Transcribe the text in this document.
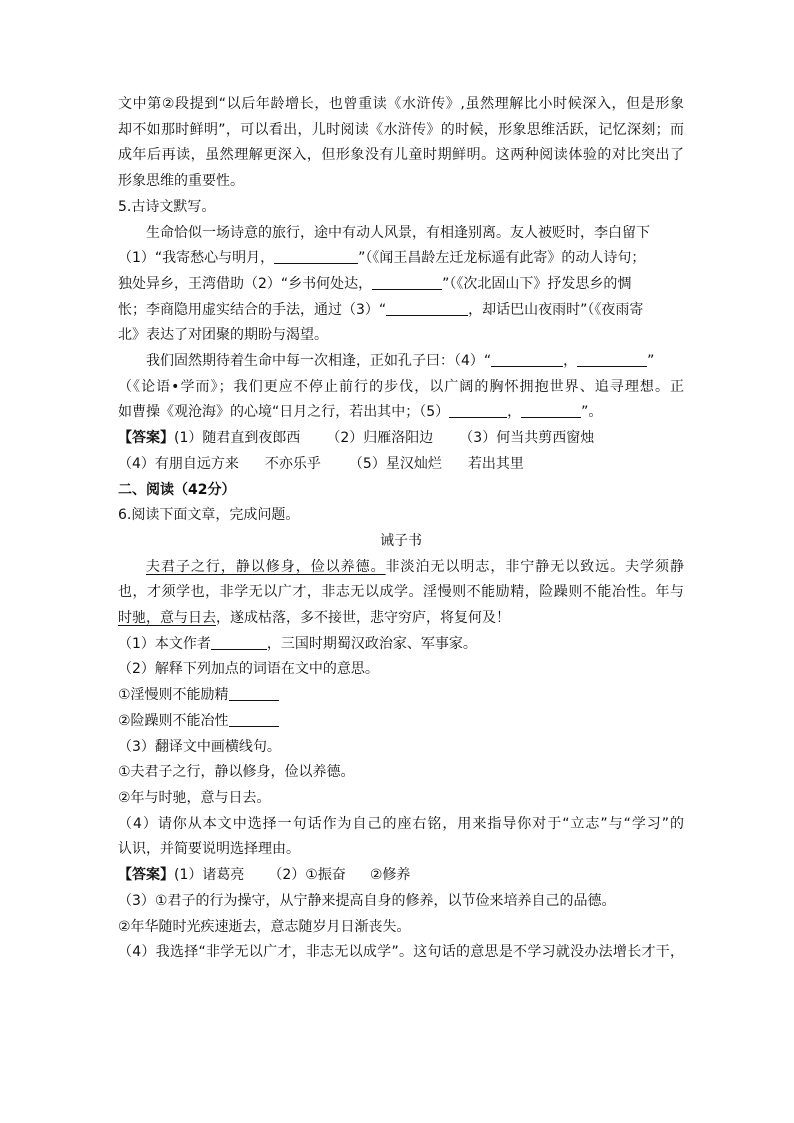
文中第②段提到“以后年龄增长，也曾重读《水浒传》,虽然理解比小时候深入，但是形象
却不如那时鲜明”，可以看出，儿时阅读《水浒传》的时候，形象思维活跃，记忆深刻；而
成年后再读，虽然理解更深入，但形象没有儿童时期鲜明。这两种阅读体验的对比突出了
形象思维的重要性。
5.古诗文默写。
生命恰似一场诗意的旅行，途中有动人风景，有相逢别离。友人被贬时，李白留下
（1）“我寄愁心与明月，	”（《闻王昌龄左迁龙标遥有此寄》的动人诗句；
独处异乡，王湾借助（2）“乡书何处达，	”（《次北固山下》抒发思乡的惆
怅；李商隐用虚实结合的手法，通过（3）“	，却话巴山夜雨时”（《夜雨寄
北》表达了对团聚的期盼与渴望。
我们固然期待着生命中每一次相逢，正如孔子曰：（4）“	，	”
（《论语•学而》；我们更应不停止前行的步伐，以广阔的胸怀拥抱世界、追寻理想。正
如曹操《观沧海》的心境“日月之行，若出其中；（5）	，	”。
【答案】(1）随君直到夜郎西 （2）归雁洛阳边 （3）何当共剪西窗烛
（4）有朋自远方来 不亦乐乎 （5）星汉灿烂 若出其里
二、阅读（42分）
6.阅读下面文章，完成问题。
诫子书
夫君子之行，静以修身，俭以养德。非淡泊无以明志，非宁静无以致远。夫学须静
也，才须学也，非学无以广才，非志无以成学。淫慢则不能励精，险躁则不能冶性。年与
时驰，意与日去，遂成枯落，多不接世，悲守穷庐，将复何及！
（1）本文作者	，三国时期蜀汉政治家、军事家。
（2）解释下列加点的词语在文中的意思。
①淫慢则不能励精
②险躁则不能冶性
（3）翻译文中画横线句。
①夫君子之行，静以修身，俭以养德。
②年与时驰，意与日去。
（4）请你从本文中选择一句话作为自己的座右铭，用来指导你对于“立志”与“学习”的
认识，并简要说明选择理由。
【答案】(1）诸葛亮 （2）①振奋 ②修养
（3）①君子的行为操守，从宁静来提高自身的修养，以节俭来培养自己的品德。
②年华随时光疾速逝去，意志随岁月日渐丧失。
（4）我选择“非学无以广才，非志无以成学”。这句话的意思是不学习就没办法增长才干，
